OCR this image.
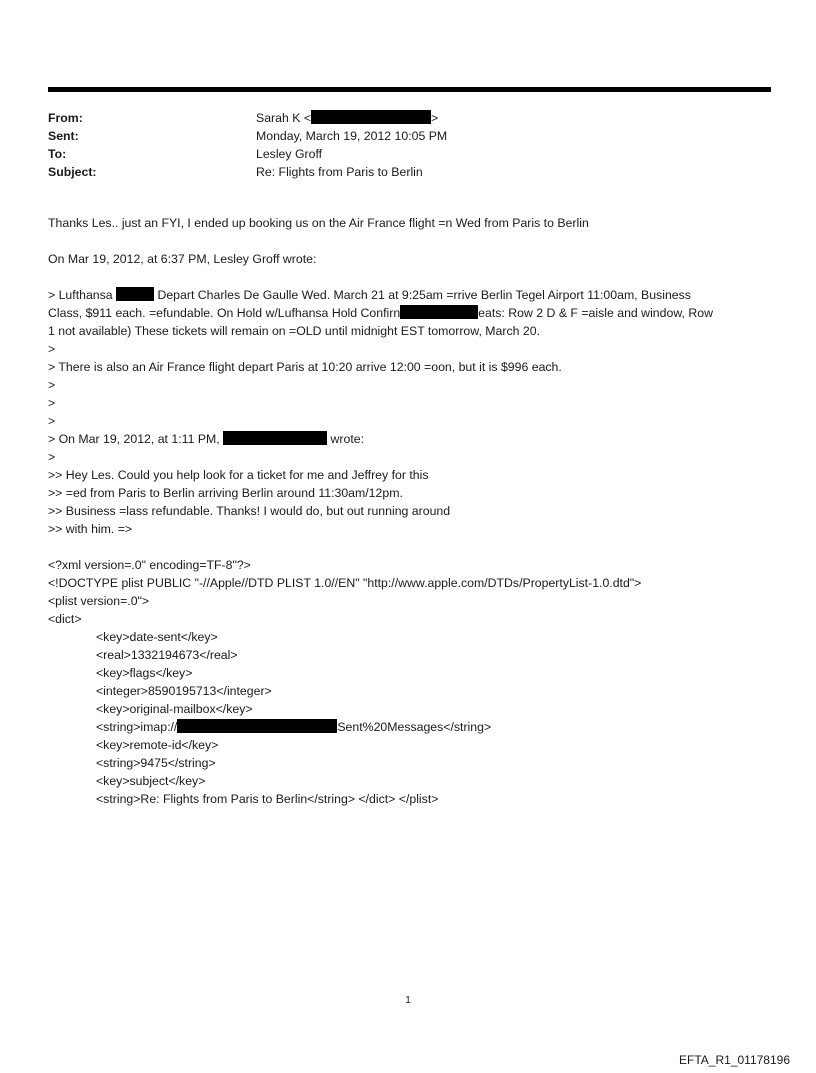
From:	Sarah K <	>
Sent:	Monday, March 19, 2012 10:05 PM
To:	Lesley Groff
Subject:	Re: Flights from Paris to Berlin
Thanks Les.. just an FYI, I ended up booking us on the Air France flight =n Wed from Paris to Berlin
On Mar 19, 2012, at 6:37 PM, Lesley Groff wrote:
> Lufthansa	Depart Charles De Gaulle Wed. March 21 at 9:25am =rrive Berlin Tegel Airport 11:00am, Business
Class, $911 each. =efundable. On Hold w/Lufhansa Hold Confirn	eats: Row 2 D & F =aisle and window, Row
1 not available) These tickets will remain on =OLD until midnight EST tomorrow, March 20.
>
> There is also an Air France flight depart Paris at 10:20 arrive 12:00 =oon, but it is $996 each.
>
>
>
> On Mar 19, 2012, at 1:11 PM,	wrote:
>
>> Hey Les. Could you help look for a ticket for me and Jeffrey for this
>> =ed from Paris to Berlin arriving Berlin around 11:30am/12pm.
>> Business =lass refundable. Thanks! I would do, but out running around
>> with him. =>
<?xml version=.0" encoding=TF-8"?>
<!DOCTYPE plist PUBLIC "-//Apple//DTD PLIST 1.0//EN" "http://www.apple.com/DTDs/PropertyList-1.0.dtd">
<plist version=.0">
<dict>
<key>date-sent</key>
<real>1332194673</real>
<key>flags</key>
<integer>8590195713</integer>
<key>original-mailbox</key>
<string>imap://	Sent%20Messages</string>
<key>remote-id</key>
<string>9475</string>
<key>subject</key>
<string>Re: Flights from Paris to Berlin</string> </dict> </plist>
1
EFTA_R1_01178196
